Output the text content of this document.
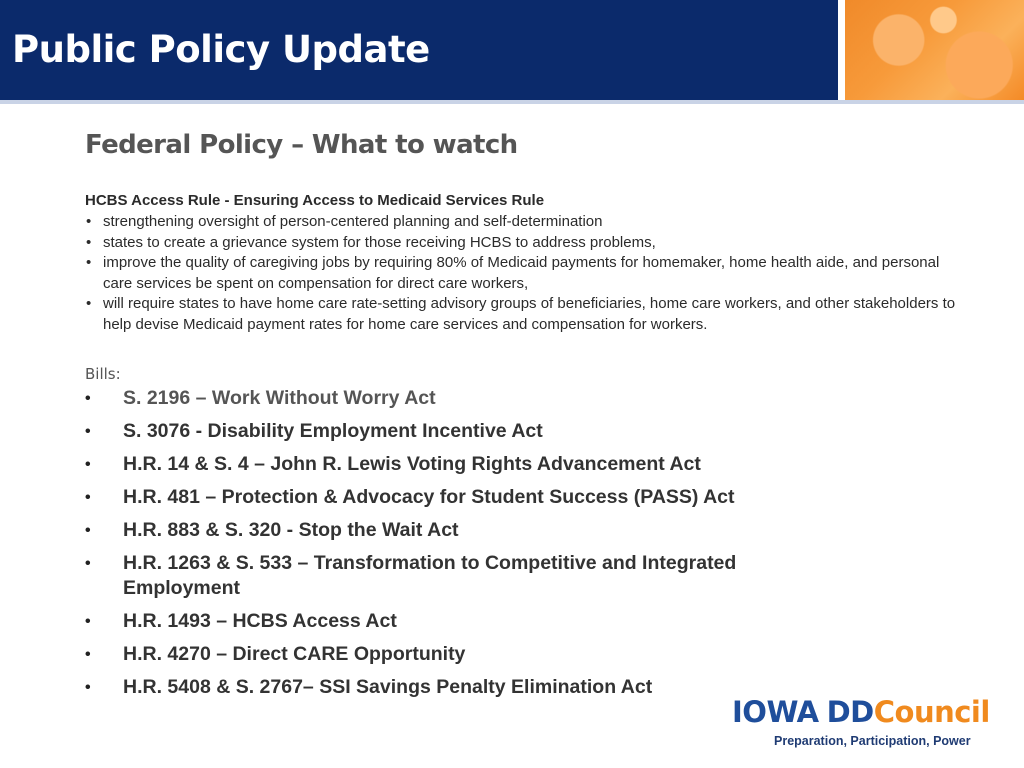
Public Policy Update
Federal Policy – What to watch

HCBS Access Rule - Ensuring Access to Medicaid Services Rule

• strengthening oversight of person-centered planning and self-determination
• states to create a grievance system for those receiving HCBS to address problems,
• improve the quality of caregiving jobs by requiring 80% of Medicaid payments for homemaker, home health aide, and personal care services be spent on compensation for direct care workers,
• will require states to have home care rate-setting advisory groups of beneficiaries, home care workers, and other stakeholders to help devise Medicaid payment rates for home care services and compensation for workers.

Bills:

• S. 2196 – Work Without Worry Act
• S. 3076 - Disability Employment Incentive Act
• H.R. 14 & S. 4 – John R. Lewis Voting Rights Advancement Act
• H.R. 481 – Protection & Advocacy for Student Success (PASS) Act
• H.R. 883 & S. 320 - Stop the Wait Act
• H.R. 1263 & S. 533 – Transformation to Competitive and Integrated Employment
• H.R. 1493 – HCBS Access Act
• H.R. 4270 – Direct CARE Opportunity
• H.R. 5408 & S. 2767– SSI Savings Penalty Elimination Act
IOWA DDCouncil
Preparation, Participation, Power
